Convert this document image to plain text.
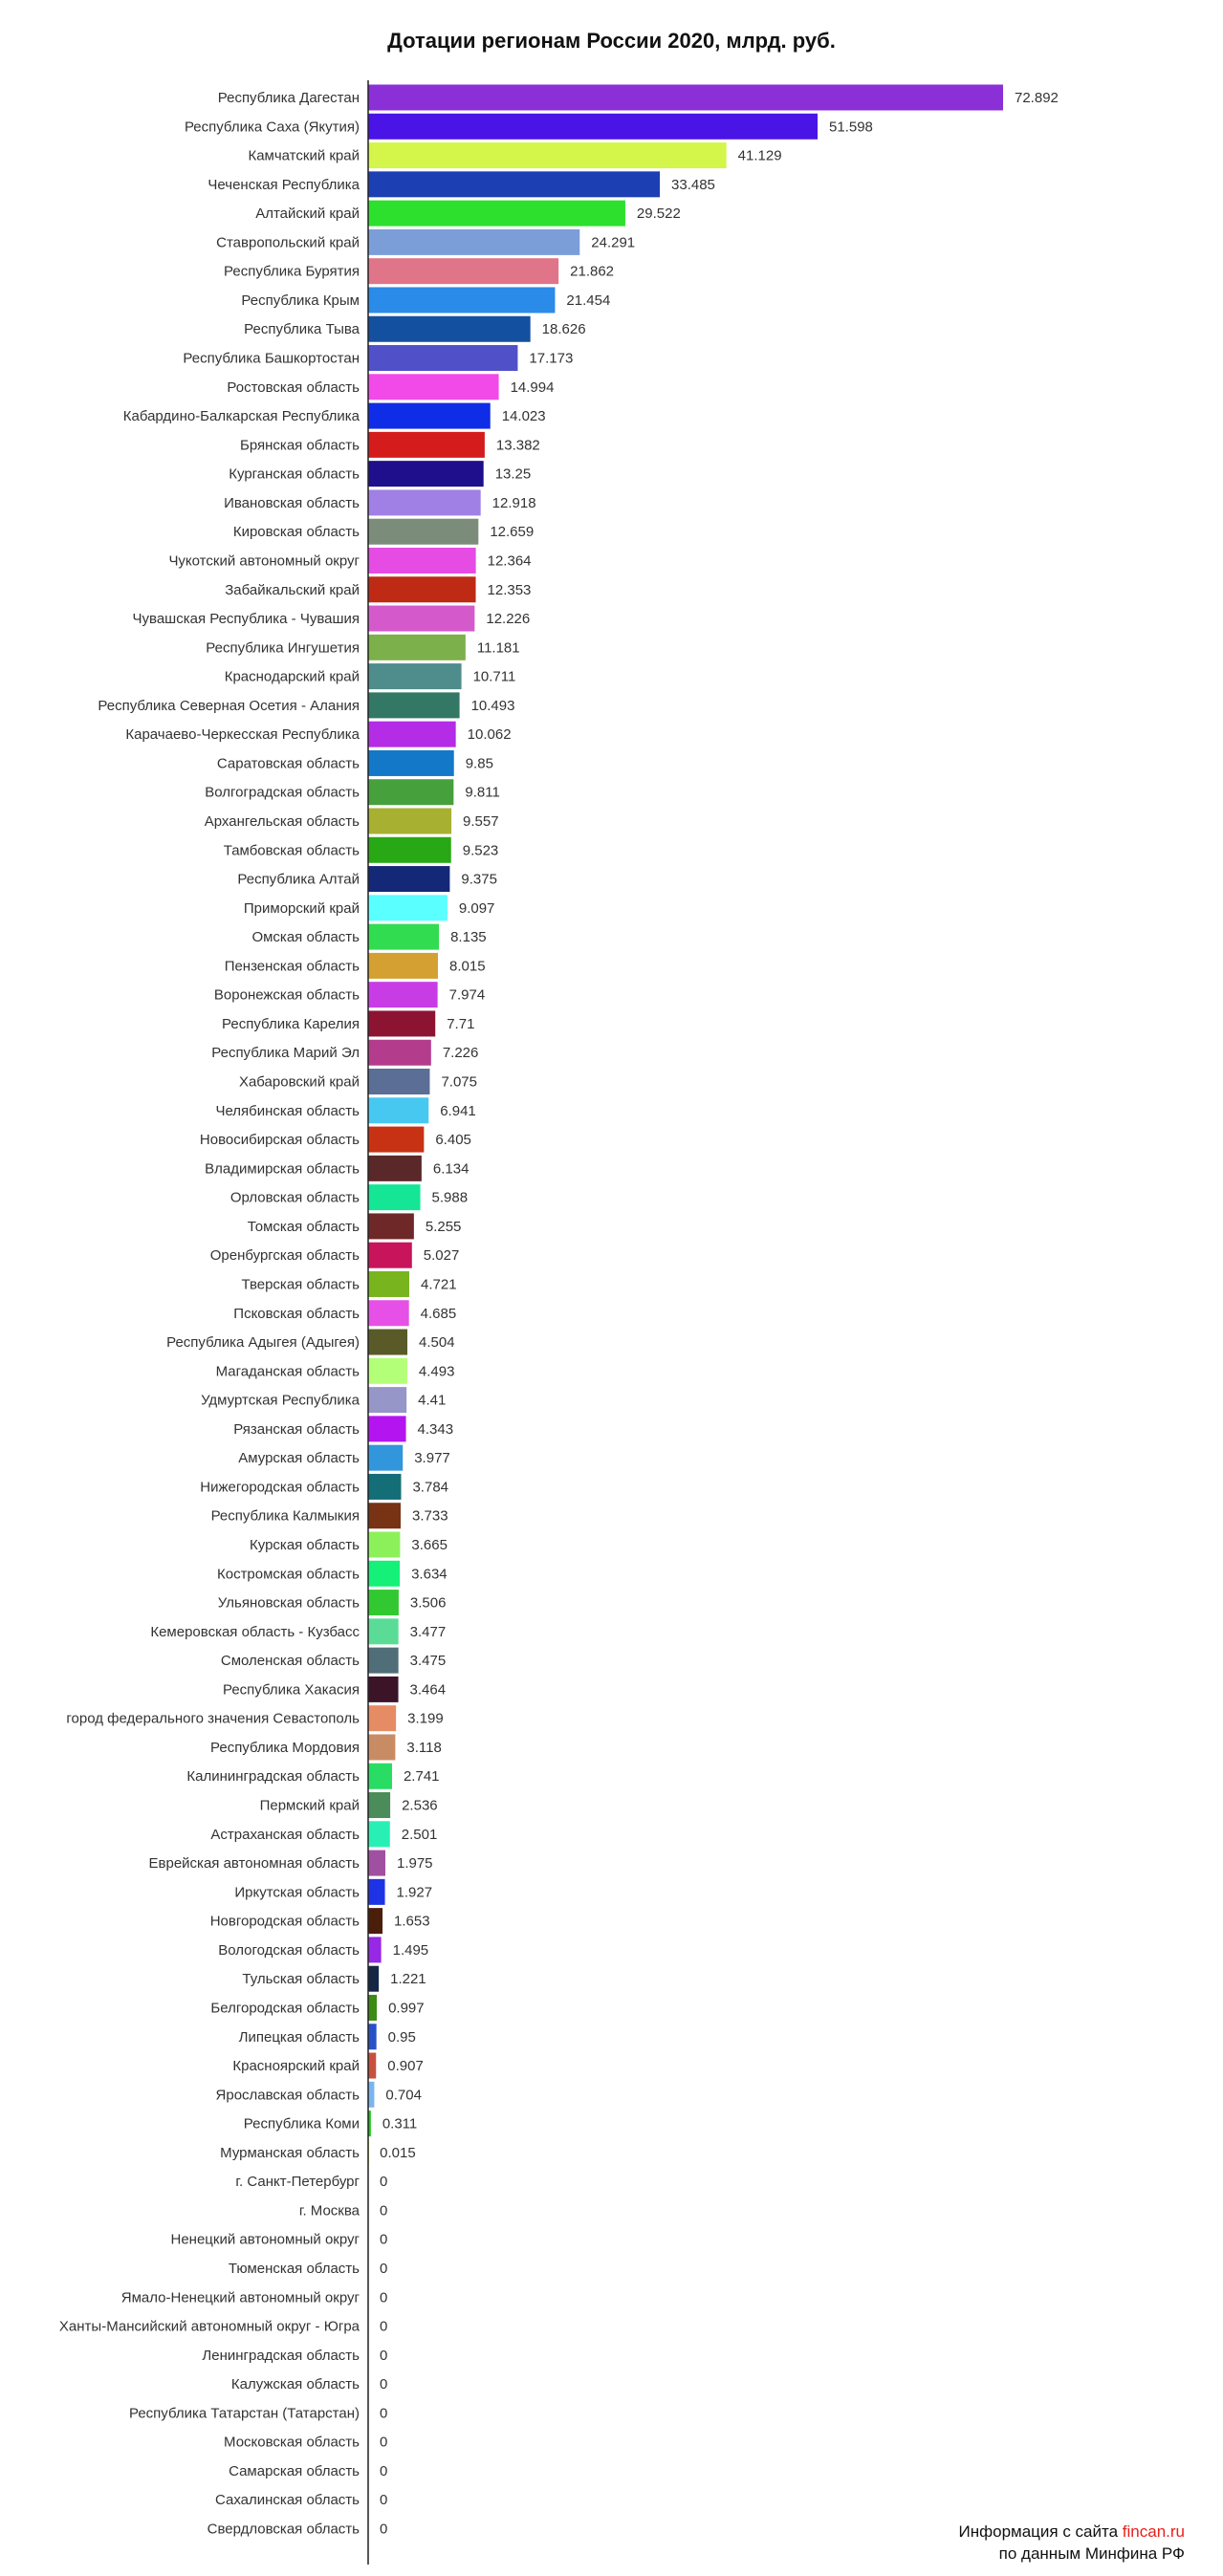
Дотации регионам России 2020, млрд. руб.
Республика Дагестан	72.892
Республика Саха (Якутия)	51.598
Камчатский край	41.129
Чеченская Республика	33.485
Алтайский край	29.522
Ставропольский край	24.291
Республика Бурятия	21.862
Республика Крым	21.454
Республика Тыва	18.626
Республика Башкортостан	17.173
Ростовская область	14.994
Кабардино-Балкарская Республика	14.023
Брянская область	13.382
Курганская область	13.25
Ивановская область	12.918
Кировская область	12.659
Чукотский автономный округ	12.364
Забайкальский край	12.353
Чувашская Республика - Чувашия	12.226
Республика Ингушетия	11.181
Краснодарский край	10.711
Республика Северная Осетия - Алания	10.493
Карачаево-Черкесская Республика	10.062
Саратовская область	9.85
Волгоградская область	9.811
Архангельская область	9.557
Тамбовская область	9.523
Республика Алтай	9.375
Приморский край	9.097
Омская область	8.135
Пензенская область	8.015
Воронежская область	7.974
Республика Карелия	7.71
Республика Марий Эл	7.226
Хабаровский край	7.075
Челябинская область	6.941
Новосибирская область	6.405
Владимирская область	6.134
Орловская область	5.988
Томская область	5.255
Оренбургская область	5.027
Тверская область	4.721
Псковская область	4.685
Республика Адыгея (Адыгея)	4.504
Магаданская область	4.493
Удмуртская Республика	4.41
Рязанская область	4.343
Амурская область	3.977
Нижегородская область	3.784
Республика Калмыкия	3.733
Курская область	3.665
Костромская область	3.634
Ульяновская область	3.506
Кемеровская область - Кузбасс	3.477
Смоленская область	3.475
Республика Хакасия	3.464
город федерального значения Севастополь	3.199
Республика Мордовия	3.118
Калининградская область	2.741
Пермский край	2.536
Астраханская область	2.501
Еврейская автономная область	1.975
Иркутская область	1.927
Новгородская область 1.653
Вологодская область 1.495
Тульская область 1.221
Белгородская область 0.997
Липецкая область 0.95
Красноярский край 0.907
Ярославская область 0.704
Республика Коми 0.311
Мурманская область 0.015
г. Санкт-Петербург 0
г. Москва 0
Ненецкий автономный округ 0
Тюменская область 0
Ямало-Ненецкий автономный округ 0
Ханты-Мансийский автономный округ - Югра 0
Ленинградская область 0
Калужская область 0
Республика Татарстан (Татарстан) 0
Московская область 0
Самарская область 0
Сахалинская область 0
Свердловская область 0	Информация с сайта fincan.ru
по данным Минфина РФ
